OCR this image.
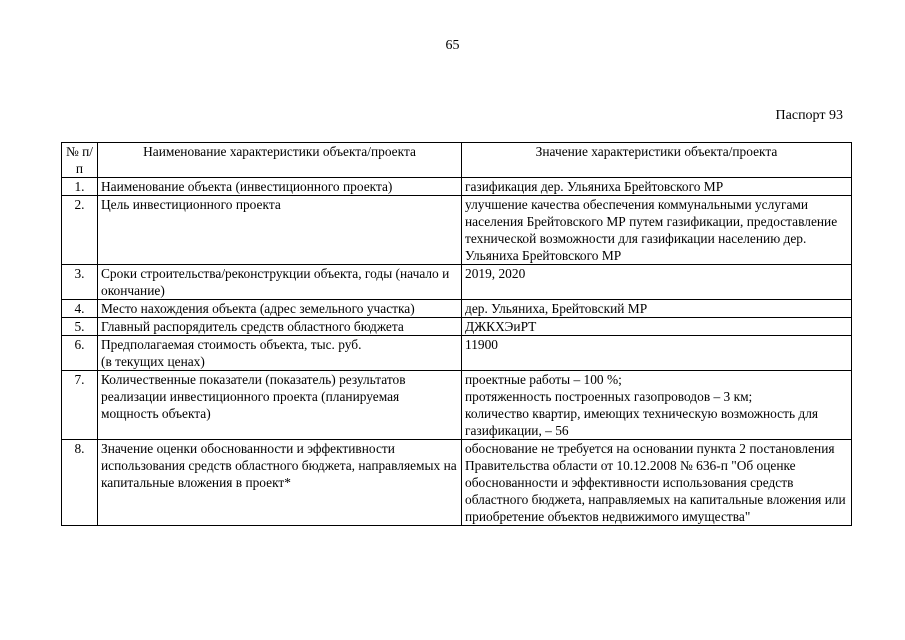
65
Паспорт 93
№ п/п	Наименование характеристики объекта/проекта	Значение характеристики объекта/проекта
1.	Наименование объекта (инвестиционного проекта)	газификация дер. Ульяниха Брейтовского МР
2.	Цель инвестиционного проекта	улучшение качества обеспечения коммунальными услугами населения Брейтовского МР путем газификации, предоставление технической возможности для газификации населению дер. Ульяниха Брейтовского МР
3.	Сроки строительства/реконструкции объекта, годы (начало и окончание)	2019, 2020
4.	Место нахождения объекта (адрес земельного участка)	дер. Ульяниха, Брейтовский МР
5.	Главный распорядитель средств областного бюджета	ДЖКХЭиРТ
6.	Предполагаемая стоимость объекта, тыс. руб.
(в текущих ценах)	11900
7.	Количественные показатели (показатель) результатов реализации инвестиционного проекта (планируемая мощность объекта)	проектные работы – 100 %;
протяженность построенных газопроводов – 3 км;
количество квартир, имеющих техническую возможность для газификации, – 56

8.	Значение оценки обоснованности и эффективности использования средств областного бюджета, направляемых на капитальные вложения в проект*	обоснование не требуется на основании пункта 2 постановления Правительства области от 10.12.2008 № 636-п "Об оценке обоснованности и эффективности использования средств областного бюджета, направляемых на капитальные вложения или приобретение объектов недвижимого имущества"
